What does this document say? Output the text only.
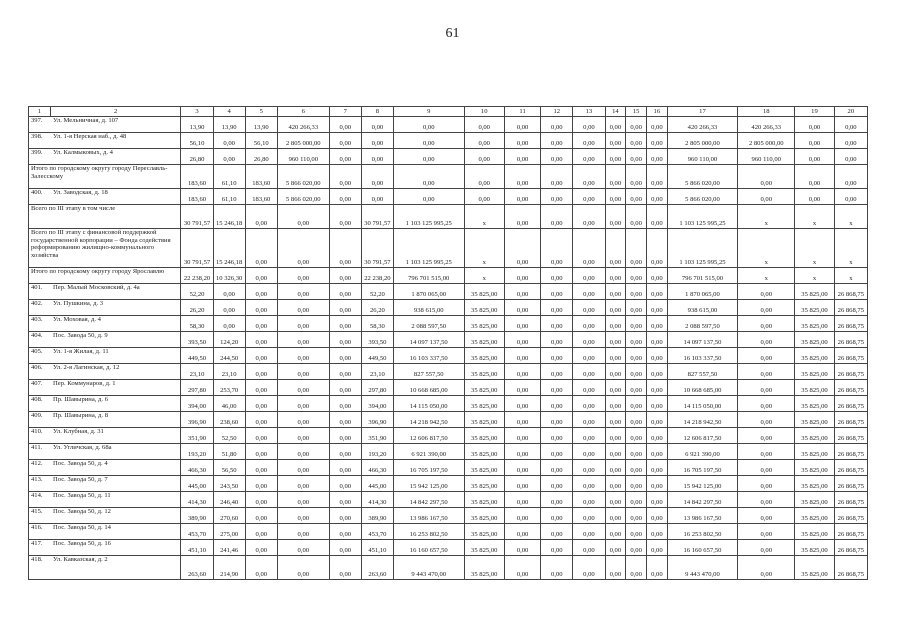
61
1	2	3	4	5	6	7	8	9	10	11	12	13	14	15	16	17	18	19	20
397. Ул. Мельничная, д. 107		13,90	13,90	13,90	420 266,33	0,00	0,00	0,00	0,00	0,00	0,00	0,00	0,00	0,00	0,00	420 266,33	420 266,33	0,00	0,00
398. Ул. 1-я Нерская наб., д. 48		56,10	0,00	56,10	2 805 000,00	0,00	0,00	0,00	0,00	0,00	0,00	0,00	0,00	0,00	0,00	2 805 000,00	2 805 000,00	0,00	0,00
399. Ул. Калмыковых, д. 4		26,80	0,00	26,80	960 110,00	0,00	0,00	0,00	0,00	0,00	0,00	0,00	0,00	0,00	0,00	960 110,00	960 110,00	0,00	0,00
Итого по городскому округу городу Переславль-Залесскому		183,60	61,10	183,60	5 866 020,00	0,00	0,00	0,00	0,00	0,00	0,00	0,00	0,00	0,00	0,00	5 866 020,00	0,00	0,00	0,00
400. Ул. Заводская, д. 18		183,60	61,10	183,60	5 866 020,00	0,00	0,00	0,00	0,00	0,00	0,00	0,00	0,00	0,00	0,00	5 866 020,00	0,00	0,00	0,00
Всего по III этапу в том числе		30 791,57	15 246,18	0,00	0,00	0,00	30 791,57	1 103 125 995,25	х	0,00	0,00	0,00	0,00	0,00	0,00	1 103 125 995,25	х	х	х
Всего по III этапу с финансовой поддержкой государственной корпорации – Фонда содействия реформированию жилищно-коммунального хозяйства		30 791,57	15 246,18	0,00	0,00	0,00	30 791,57	1 103 125 995,25	х	0,00	0,00	0,00	0,00	0,00	0,00	1 103 125 995,25	х	х	х
Итого по городскому округу городу Ярославлю		22 238,20	10 326,30	0,00	0,00	0,00	22 238,20	796 701 515,00	х	0,00	0,00	0,00	0,00	0,00	0,00	796 701 515,00	х	х	х
401. Пер. Малый Московский, д. 4а		52,20	0,00	0,00	0,00	0,00	52,20	1 870 065,00	35 825,00	0,00	0,00	0,00	0,00	0,00	0,00	1 870 065,00	0,00	35 825,00	26 868,75
402. Ул. Пушкина, д. 3		26,20	0,00	0,00	0,00	0,00	26,20	938 615,00	35 825,00	0,00	0,00	0,00	0,00	0,00	0,00	938 615,00	0,00	35 825,00	26 868,75
403. Ул. Моховая, д. 4		58,30	0,00	0,00	0,00	0,00	58,30	2 088 597,50	35 825,00	0,00	0,00	0,00	0,00	0,00	0,00	2 088 597,50	0,00	35 825,00	26 868,75
404. Пос. Завода 50, д. 9		393,50	124,20	0,00	0,00	0,00	393,50	14 097 137,50	35 825,00	0,00	0,00	0,00	0,00	0,00	0,00	14 097 137,50	0,00	35 825,00	26 868,75
405. Ул. 1-я Жилая, д. 11		449,50	244,50	0,00	0,00	0,00	449,50	16 103 337,50	35 825,00	0,00	0,00	0,00	0,00	0,00	0,00	16 103 337,50	0,00	35 825,00	26 868,75
406. Ул. 2-я Лагинская, д. 12		23,10	23,10	0,00	0,00	0,00	23,10	827 557,50	35 825,00	0,00	0,00	0,00	0,00	0,00	0,00	827 557,50	0,00	35 825,00	26 868,75
407. Пер. Коммунаров, д. 1		297,80	253,70	0,00	0,00	0,00	297,80	10 668 685,00	35 825,00	0,00	0,00	0,00	0,00	0,00	0,00	10 668 685,00	0,00	35 825,00	26 868,75
408. Пр. Шавырина, д. 6		394,00	46,00	0,00	0,00	0,00	394,00	14 115 050,00	35 825,00	0,00	0,00	0,00	0,00	0,00	0,00	14 115 050,00	0,00	35 825,00	26 868,75
409. Пр. Шавырина, д. 8		396,90	238,60	0,00	0,00	0,00	396,90	14 218 942,50	35 825,00	0,00	0,00	0,00	0,00	0,00	0,00	14 218 942,50	0,00	35 825,00	26 868,75
410. Ул. Клубная, д. 31		351,90	52,50	0,00	0,00	0,00	351,90	12 606 817,50	35 825,00	0,00	0,00	0,00	0,00	0,00	0,00	12 606 817,50	0,00	35 825,00	26 868,75
411. Ул. Угличская, д. 68а		193,20	51,80	0,00	0,00	0,00	193,20	6 921 390,00	35 825,00	0,00	0,00	0,00	0,00	0,00	0,00	6 921 390,00	0,00	35 825,00	26 868,75
412. Пос. Завода 50, д. 4		466,30	56,50	0,00	0,00	0,00	466,30	16 705 197,50	35 825,00	0,00	0,00	0,00	0,00	0,00	0,00	16 705 197,50	0,00	35 825,00	26 868,75
413. Пос. Завода 50, д. 7		445,00	243,50	0,00	0,00	0,00	445,00	15 942 125,00	35 825,00	0,00	0,00	0,00	0,00	0,00	0,00	15 942 125,00	0,00	35 825,00	26 868,75
414. Пос. Завода 50, д. 11		414,30	246,40	0,00	0,00	0,00	414,30	14 842 297,50	35 825,00	0,00	0,00	0,00	0,00	0,00	0,00	14 842 297,50	0,00	35 825,00	26 868,75
415. Пос. Завода 50, д. 12		389,90	270,60	0,00	0,00	0,00	389,90	13 986 167,50	35 825,00	0,00	0,00	0,00	0,00	0,00	0,00	13 986 167,50	0,00	35 825,00	26 868,75
416. Пос. Завода 50, д. 14		453,70	275,00	0,00	0,00	0,00	453,70	16 253 802,50	35 825,00	0,00	0,00	0,00	0,00	0,00	0,00	16 253 802,50	0,00	35 825,00	26 868,75
417. Пос. Завода 50, д. 16		451,10	241,46	0,00	0,00	0,00	451,10	16 160 657,50	35 825,00	0,00	0,00	0,00	0,00	0,00	0,00	16 160 657,50	0,00	35 825,00	26 868,75
418. Ул. Кавказская, д. 2		263,60	214,90	0,00	0,00	0,00	263,60	9 443 470,00	35 825,00	0,00	0,00	0,00	0,00	0,00	0,00	9 443 470,00	0,00	35 825,00	26 868,75
